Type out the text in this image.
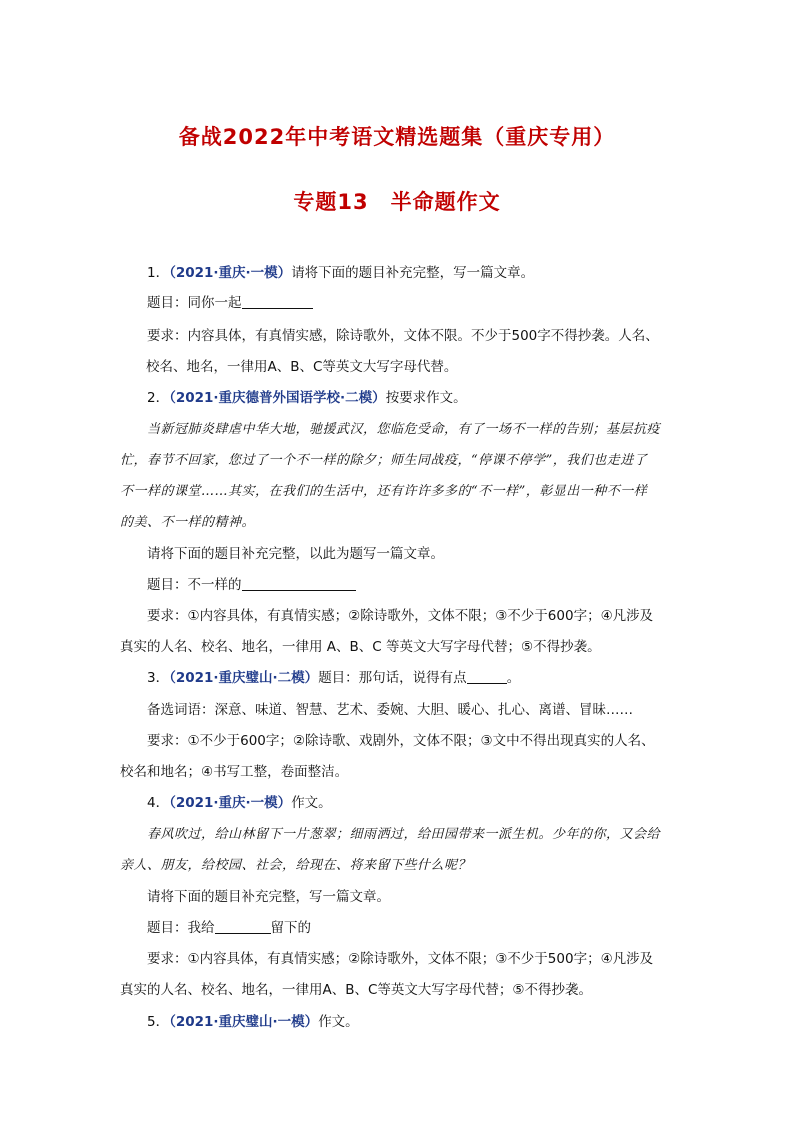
备战2022年中考语文精选题集（重庆专用）
专题13　半命题作文
1．（2021·重庆·一模）请将下面的题目补充完整，写一篇文章。
题目：同你一起
要求：内容具体，有真情实感，除诗歌外，文体不限。不少于500字不得抄袭。人名、
校名、地名，一律用A、B、C等英文大写字母代替。
2．（2021·重庆德普外国语学校·二模）按要求作文。
当新冠肺炎肆虐中华大地，驰援武汉，您临危受命，有了一场不一样的告别；基层抗疫
忙，春节不回家，您过了一个不一样的除夕；师生同战疫，“停课不停学”，我们也走进了
不一样的课堂……其实，在我们的生活中，还有许许多多的“不一样”，彰显出一种不一样
的美、不一样的精神。
请将下面的题目补充完整，以此为题写一篇文章。
题目：不一样的
要求：①内容具体，有真情实感；②除诗歌外，文体不限；③不少于600字；④凡涉及
真实的人名、校名、地名，一律用 A、B、C 等英文大写字母代替；⑤不得抄袭。
3．（2021·重庆璧山·二模）题目：那句话，说得有点	。
备选词语：深意、味道、智慧、艺术、委婉、大胆、暖心、扎心、离谱、冒昧……
要求：①不少于600字；②除诗歌、戏剧外，文体不限；③文中不得出现真实的人名、
校名和地名；④书写工整，卷面整洁。
4．（2021·重庆·一模）作文。
春风吹过，给山林留下一片葱翠；细雨洒过，给田园带来一派生机。少年的你，又会给
亲人、朋友，给校园、社会，给现在、将来留下些什么呢？
请将下面的题目补充完整，写一篇文章。
题目：我给	留下的
要求：①内容具体，有真情实感；②除诗歌外，文体不限；③不少于500字；④凡涉及
真实的人名、校名、地名，一律用A、B、C等英文大写字母代替；⑤不得抄袭。
5．（2021·重庆璧山·一模）作文。
